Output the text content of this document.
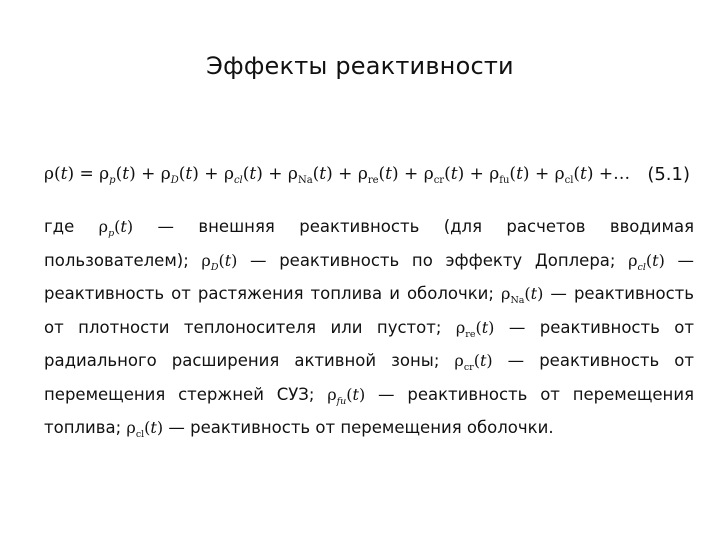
Эффекты реактивности
$\rho(t) = \rho_p(t) + \rho_D(t) + \rho_{cl}(t) + \rho_{Na}(t) + \rho_{re}(t) + \rho_{cr}(t) + \rho_{fu}(t) + \rho_{cl}(t)$ +… (5.1)
где $\rho_p(t)$ — внешняя реактивность (для расчетов вводимая пользователем); $\rho_D(t)$ — реактивность по эффекту Доплера; $\rho_{cl}(t)$ — реактивность от растяжения топлива и оболочки; $\rho_{Na}(t)$ — реактивность от плотности теплоносителя или пустот; $\rho_{re}(t)$ — реактивность от радиального расширения активной зоны; $\rho_{cr}(t)$ — реактивность от перемещения стержней СУЗ; $\rho_{fu}(t)$ — реактивность от перемещения топлива; $\rho_{cl}(t)$ — реактивность от перемещения оболочки.
